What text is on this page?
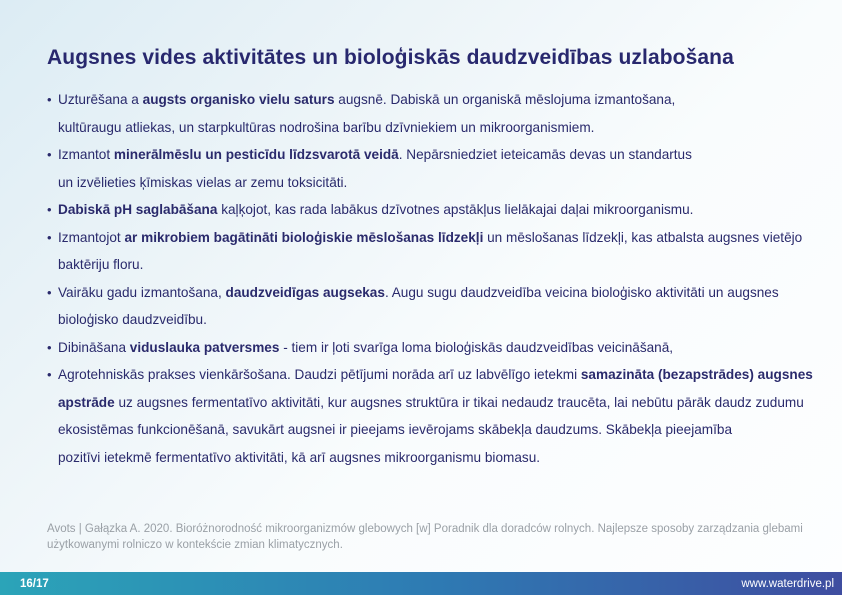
Augsnes vides aktivitātes un bioloģiskās daudzveidības uzlabošana
• Uzturēšana a augsts organisko vielu saturs augsnē. Dabiskā un organiskā mēslojuma izmantošana,
kultūraugu atliekas, un starpkultūras nodrošina barību dzīvniekiem un mikroorganismiem.
• Izmantot minerālmēslu un pesticīdu līdzsvarotā veidā. Nepārsniedziet ieteicamās devas un standartus
un izvēlieties ķīmiskas vielas ar zemu toksicitāti.
• Dabiskā pH saglabāšana kaļķojot, kas rada labākus dzīvotnes apstākļus lielākajai daļai mikroorganismu.
• Izmantojot ar mikrobiem bagātināti bioloģiskie mēslošanas līdzekļi un mēslošanas līdzekļi, kas atbalsta augsnes vietējo
baktēriju floru.
• Vairāku gadu izmantošana, daudzveidīgas augsekas. Augu sugu daudzveidība veicina bioloģisko aktivitāti un augsnes
bioloģisko daudzveidību.
• Dibināšana viduslauka patversmes - tiem ir ļoti svarīga loma bioloģiskās daudzveidības veicināšanā,
• Agrotehniskās prakses vienkāršošana. Daudzi pētījumi norāda arī uz labvēlīgo ietekmi samazināta (bezapstrādes) augsnes
apstrāde uz augsnes fermentatīvo aktivitāti, kur augsnes struktūra ir tikai nedaudz traucēta, lai nebūtu pārāk daudz zudumu
ekosistēmas funkcionēšanā, savukārt augsnei ir pieejams ievērojams skābekļa daudzums. Skābekļa pieejamība
pozitīvi ietekmē fermentatīvo aktivitāti, kā arī augsnes mikroorganismu biomasu.

Avots | Gałązka A. 2020. Bioróżnorodność mikroorganizmów glebowych [w] Poradnik dla doradców rolnych. Najlepsze sposoby zarządzania glebami użytkowanymi rolniczo w kontekście zmian klimatycznych.

16/17	www.waterdrive.pl
